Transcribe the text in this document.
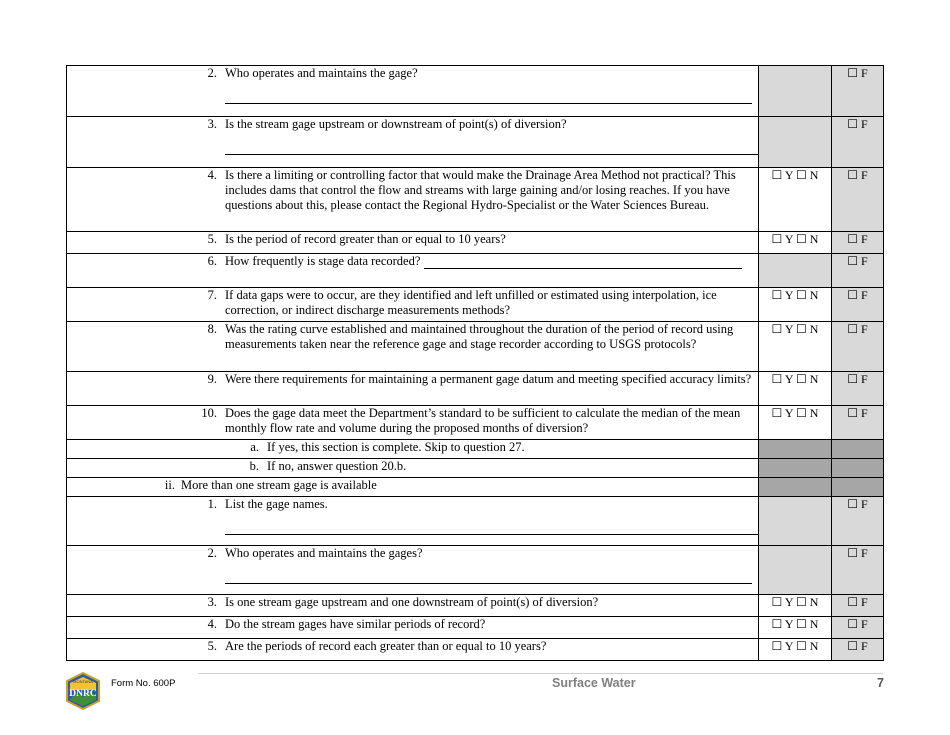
2. Who operates and maintains the gage?		☐ F

3. Is the stream gage upstream or downstream of point(s) of diversion?		☐ F

4. Is there a limiting or controlling factor that would make the Drainage Area Method not practical? This includes dams that control the flow and streams with large gaining and/or losing reaches. If you have questions about this, please contact the Regional Hydro-Specialist or the Water Sciences Bureau.	☐ Y ☐ N	☐ F

5. Is the period of record greater than or equal to 10 years?	☐ Y ☐ N	☐ F

6. How frequently is stage data recorded?		☐ F

7. If data gaps were to occur, are they identified and left unfilled or estimated using interpolation, ice correction, or indirect discharge measurements methods?	☐ Y ☐ N	☐ F

8. Was the rating curve established and maintained throughout the duration of the period of record using measurements taken near the reference gage and stage recorder according to USGS protocols?	☐ Y ☐ N	☐ F

9. Were there requirements for maintaining a permanent gage datum and meeting specified accuracy limits?	☐ Y ☐ N	☐ F

10. Does the gage data meet the Department’s standard to be sufficient to calculate the median of the mean monthly flow rate and volume during the proposed months of diversion?	☐ Y ☐ N	☐ F

a. If yes, this section is complete. Skip to question 27.		

b. If no, answer question 20.b.		

ii. More than one stream gage is available		

1. List the gage names.		☐ F

2. Who operates and maintains the gages?		☐ F

3. Is one stream gage upstream and one downstream of point(s) of diversion?	☐ Y ☐ N	☐ F

4. Do the stream gages have similar periods of record?	☐ Y ☐ N	☐ F

5. Are the periods of record each greater than or equal to 10 years?	☐ Y ☐ N	☐ F
MONTANA
DNRC
Form No. 600P	Surface Water	7
